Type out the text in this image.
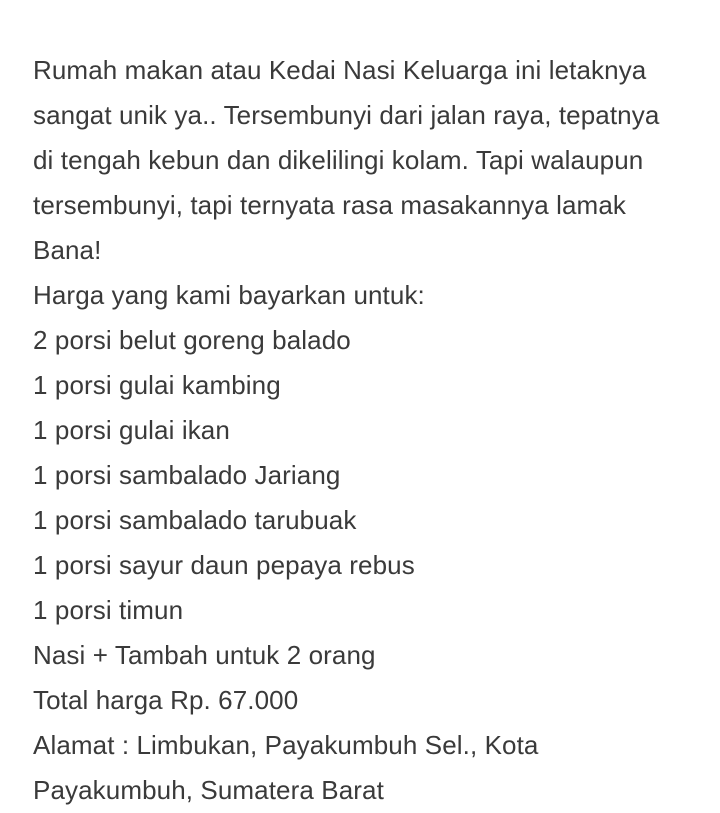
Rumah makan atau Kedai Nasi Keluarga ini letaknya

sangat unik ya.. Tersembunyi dari jalan raya, tepatnya

di tengah kebun dan dikelilingi kolam. Tapi walaupun

tersembunyi, tapi ternyata rasa masakannya lamak

Bana!

Harga yang kami bayarkan untuk:

2 porsi belut goreng balado

1 porsi gulai kambing

1 porsi gulai ikan

1 porsi sambalado Jariang

1 porsi sambalado tarubuak

1 porsi sayur daun pepaya rebus

1 porsi timun

Nasi + Tambah untuk 2 orang

Total harga Rp. 67.000

Alamat : Limbukan, Payakumbuh Sel., Kota

Payakumbuh, Sumatera Barat
